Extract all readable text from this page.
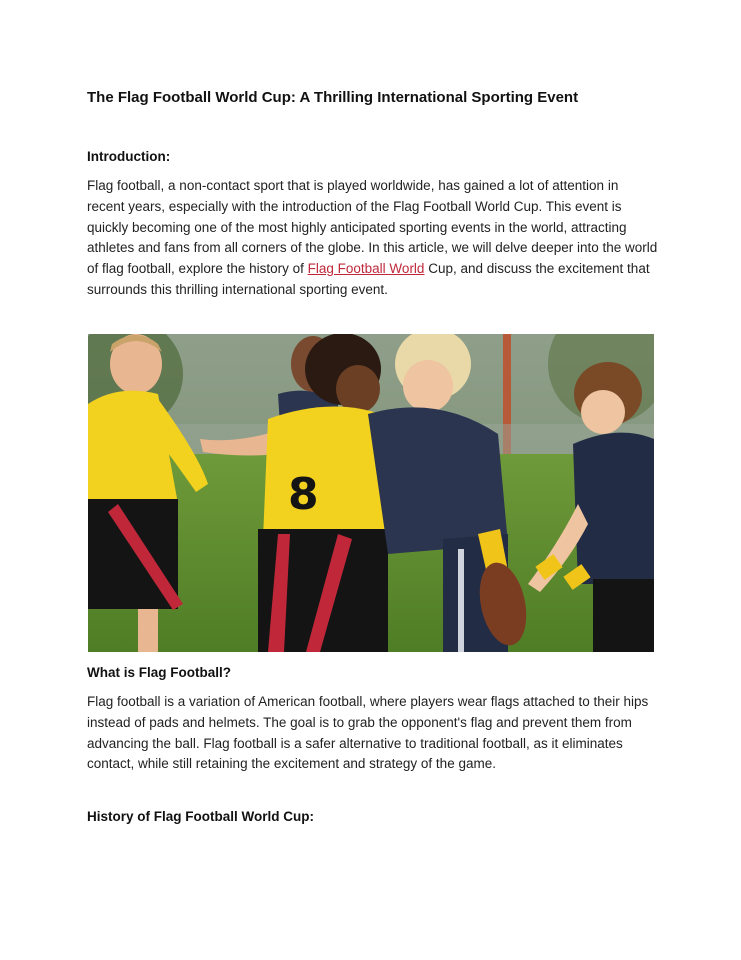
The Flag Football World Cup: A Thrilling International Sporting Event
Introduction:
Flag football, a non-contact sport that is played worldwide, has gained a lot of attention in recent years, especially with the introduction of the Flag Football World Cup. This event is quickly becoming one of the most highly anticipated sporting events in the world, attracting athletes and fans from all corners of the globe. In this article, we will delve deeper into the world of flag football, explore the history of Flag Football World Cup, and discuss the excitement that surrounds this thrilling international sporting event.
8
What is Flag Football?
Flag football is a variation of American football, where players wear flags attached to their hips instead of pads and helmets. The goal is to grab the opponent's flag and prevent them from advancing the ball. Flag football is a safer alternative to traditional football, as it eliminates contact, while still retaining the excitement and strategy of the game.
History of Flag Football World Cup:
